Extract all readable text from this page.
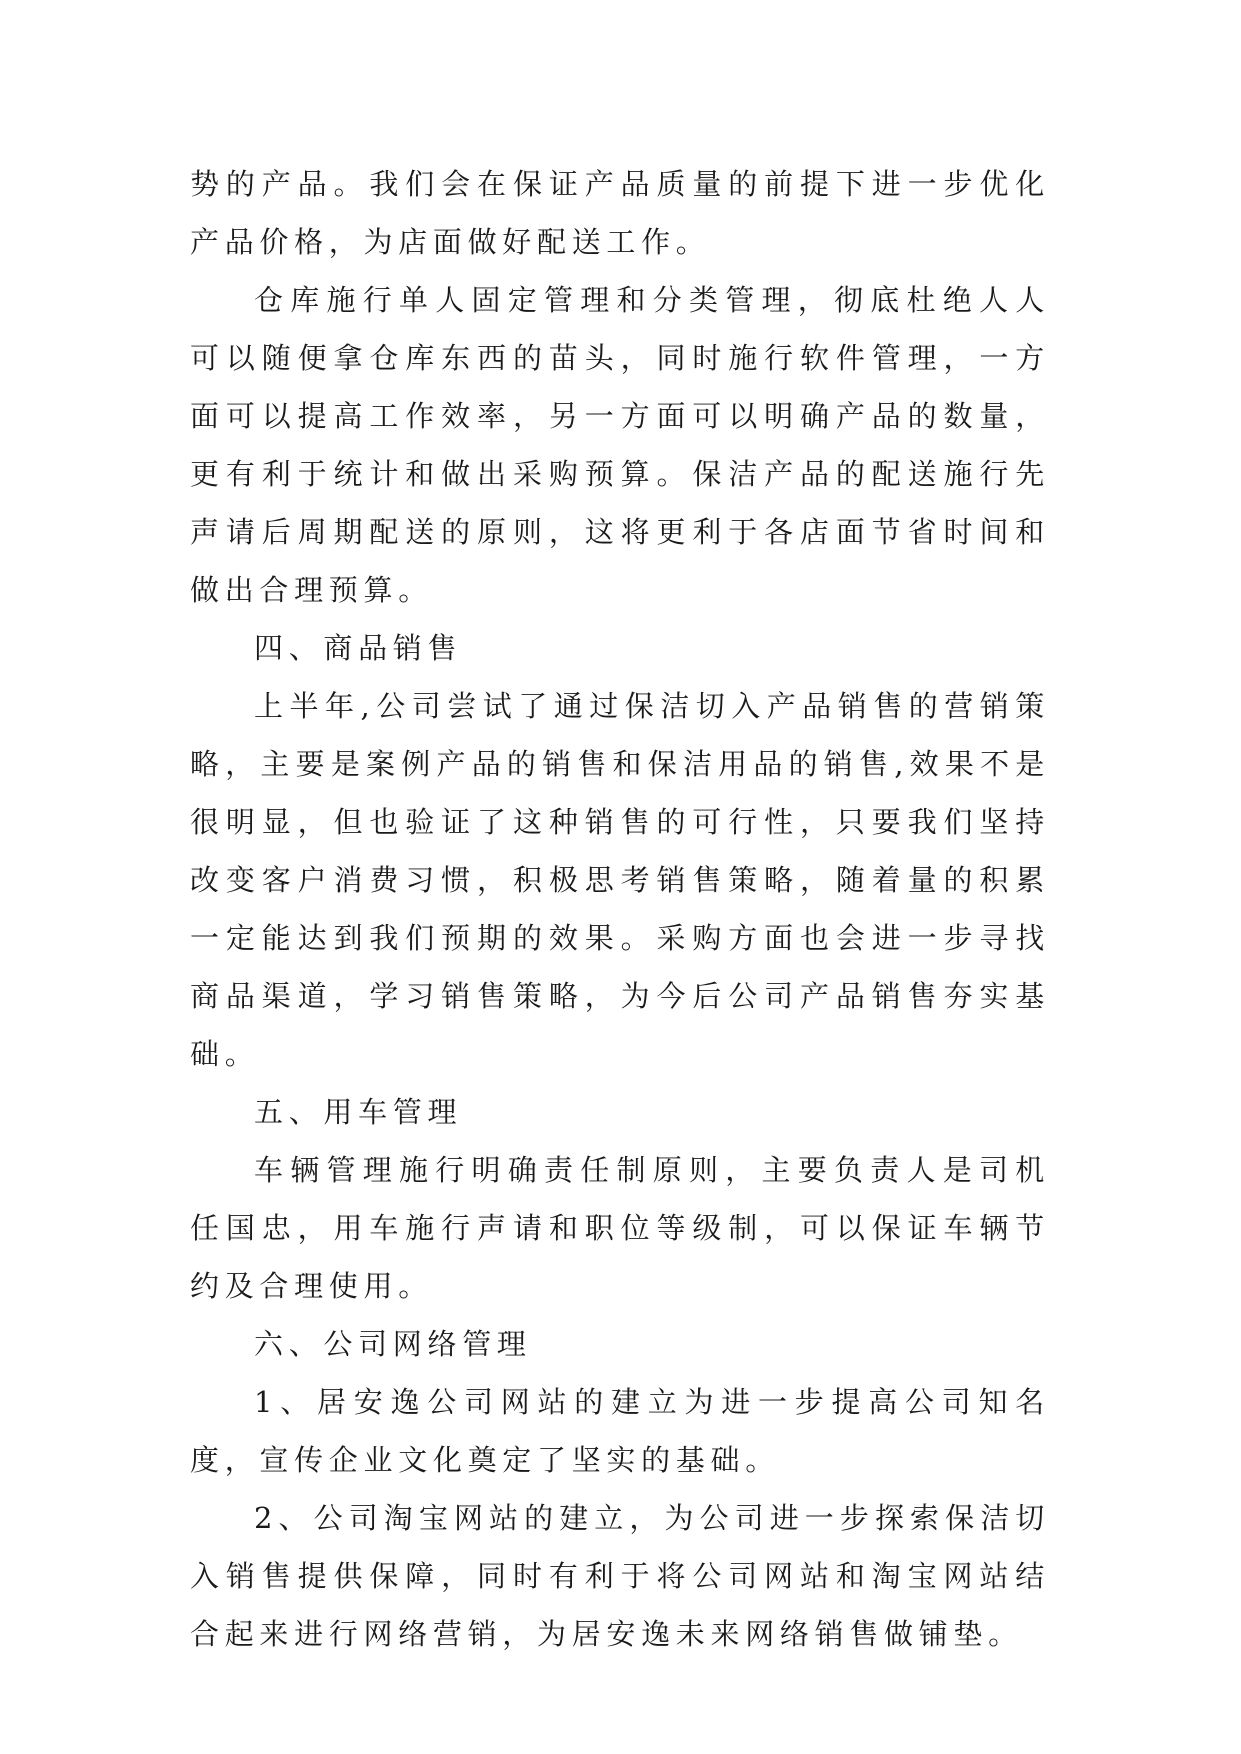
势的产品。我们会在保证产品质量的前提下进一步优化产品价格，为店面做好配送工作。

仓库施行单人固定管理和分类管理，彻底杜绝人人可以随便拿仓库东西的苗头，同时施行软件管理，一方面可以提高工作效率，另一方面可以明确产品的数量，更有利于统计和做出采购预算。保洁产品的配送施行先声请后周期配送的原则，这将更利于各店面节省时间和做出合理预算。

四、商品销售

上半年,公司尝试了通过保洁切入产品销售的营销策略，主要是案例产品的销售和保洁用品的销售,效果不是很明显，但也验证了这种销售的可行性，只要我们坚持改变客户消费习惯，积极思考销售策略，随着量的积累一定能达到我们预期的效果。采购方面也会进一步寻找商品渠道，学习销售策略，为今后公司产品销售夯实基础。

五、用车管理

车辆管理施行明确责任制原则，主要负责人是司机任国忠，用车施行声请和职位等级制，可以保证车辆节约及合理使用。

六、公司网络管理

1、居安逸公司网站的建立为进一步提高公司知名度，宣传企业文化奠定了坚实的基础。

2、公司淘宝网站的建立，为公司进一步探索保洁切入销售提供保障，同时有利于将公司网站和淘宝网站结合起来进行网络营销，为居安逸未来网络销售做铺垫。
